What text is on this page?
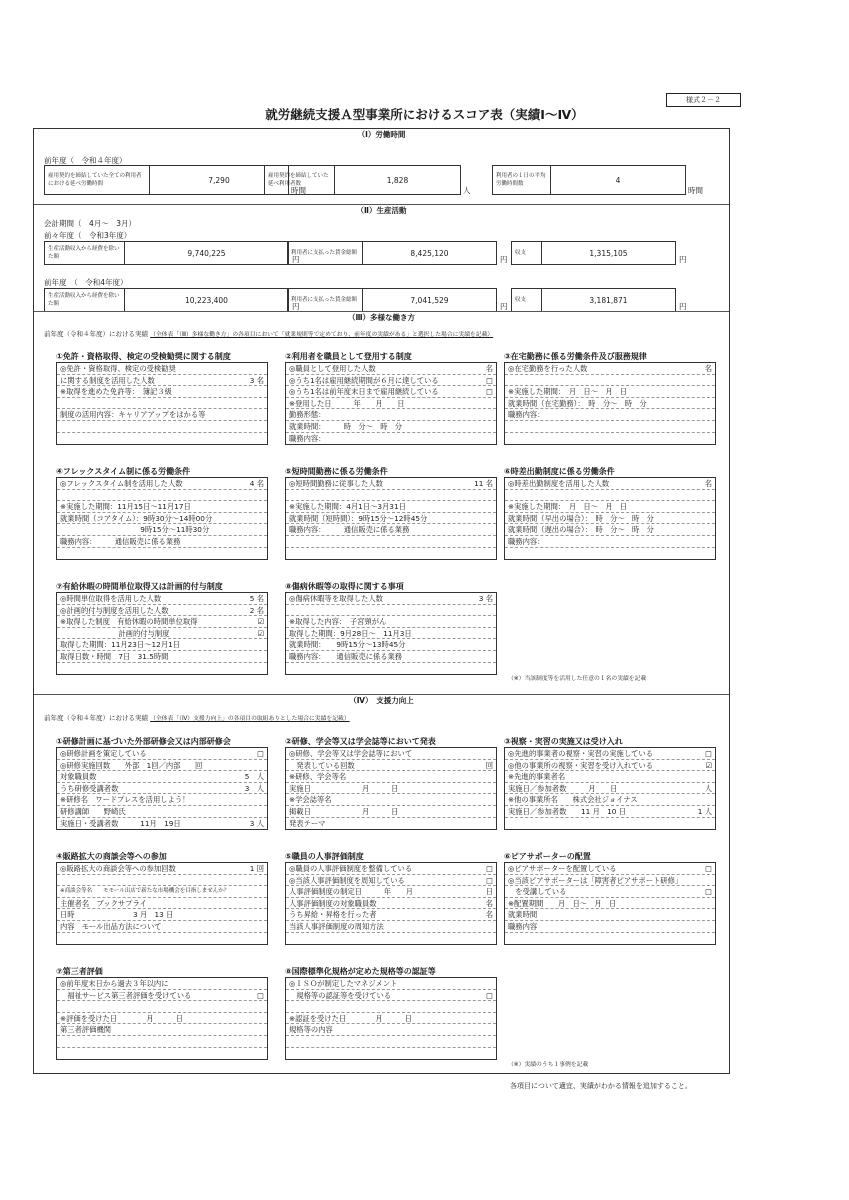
様式２－２
就労継続支援Ａ型事業所におけるスコア表（実績Ⅰ～Ⅳ）
（Ⅰ）労働時間
前年度（　令和４年度）
雇用契約を締結していた全ての利用者における延べ労働時間	7,290
時間
雇用契約を締結していた延べ利用者数	1,828
人
利用者の１日の平均労働時間数	4
時間
（Ⅱ）生産活動
会計期間（　4月～　3月）
前々年度（　令和3年度）
生産活動収入から経費を除いた額	9,740,225
円
利用者に支払った賃金総額	8,425,120
円
収支	1,315,105
円
前年度　（　令和4年度）
生産活動収入から経費を除いた額	10,223,400
円
利用者に支払った賃金総額	7,041,529
円
収支	3,181,871
円
（Ⅲ）多様な働き方
前年度（令和４年度）における実績 （全体表「（Ⅲ）多様な働き方」の各項目において「就業規則等で定めており、前年度の実績がある」と選択した場合に実績を記載）
①免許・資格取得、検定の受検勧奨に関する制度
◎免許・資格取得、検定の受検勧奨
に関する制度を活用した人数	3 名
※取得を進めた免許等：　簿記３級
制度の活用内容：キャリアアップをはかる等
②利用者を職員として登用する制度
◎職員として登用した人数	名
◎うち1名は雇用継続期間が６月に達している	□
◎うち1名は前年度末日まで雇用継続している	□
※登用した日　　　年　　月　　日
勤務形態：
就業時間：　　　時　分～　時　分
職務内容：
③在宅勤務に係る労働条件及び服務規律
◎在宅勤務を行った人数	名
※実施した期間：　月　日～　月　日
就業時間（在宅勤務）：　時　分～　時　分
職務内容：
④フレックスタイム制に係る労働条件
◎フレックスタイム制を活用した人数	4 名
※実施した期間：11月15日～11月17日
就業時間（コアタイム）：9時30分～14時00分
　　　　　　　　　　　9時15分～11時30分
職務内容：　　　通信販売に係る業務
⑤短時間勤務に係る労働条件
◎短時間勤務に従事した人数	11 名
※実施した期間：4月1日～3月31日
就業時間（短時間）：9時15分～12時45分
職務内容：　　　通信販売に係る業務
⑥時差出勤制度に係る労働条件
◎時差出勤制度を活用した人数	名
※実施した期間：　月　日～　月　日
就業時間（早出の場合）：　時　分～　時　分
就業時間（遅出の場合）：　時　分～　時　分
職務内容：
⑦有給休暇の時間単位取得又は計画的付与制度
◎時間単位取得を活用した人数	5 名
◎計画的付与制度を活用した人数	2 名
※取得した制度　有給休暇の時間単位取得	☑
　　　　　　　　計画的付与制度	☑
取得した期間：11月23日～12月1日
取得日数・時間　7日　31.5時間
⑧傷病休暇等の取得に関する事項
◎傷病休暇等を取得した人数	3 名
※取得した内容：　子宮頸がん
取得した期間：9月28日～　11月3日
就業時間：　　9時15分～13時45分
職務内容：　　通信販売に係る業務
（※）当該制度等を活用した任意の１名の実績を記載
（Ⅳ）　支援力向上
前年度（令和４年度）における実績 （全体表「（Ⅳ）支援力向上」の各項目の取組ありとした場合に実績を記載）
①研修計画に基づいた外部研修会又は内部研修会
◎研修計画を策定している	□
◎研修実施回数　　外部　1回／内部　　回
対象職員数	5　人
うち研修受講者数	3　人
※研修名　ワードプレスを活用しよう！
研修講師　　野崎氏
実施日・受講者数　　　11月　19日	3 人
②研修、学会等又は学会誌等において発表
◎研修、学会等又は学会誌等において
　発表している回数	回
※研修、学会等名
実施日　　　　　　　月　　　日
※学会誌等名
掲載日　　　　　　　月　　　日
発表テーマ
③視察・実習の実施又は受け入れ
◎先進的事業者の視察・実習の実施している	□
◎他の事業所の視察・実習を受け入れている	☑
※先進的事業者名
実施日／参加者数　　　月　　日	人
※他の事業所名　　株式会社ジョイナス
実施日／参加者数　　11 月　10 日	1 人
④販路拡大の商談会等への参加
◎販路拡大の商談会等への参加回数	1 回
※商談会等名　　モモール出店で新たな市場機会を目指しませんか？
主催者名　ブックサプライ
日時　　　　　　　　3 月　13 日
内容　モール出品方法について
⑤職員の人事評価制度
◎職員の人事評価制度を整備している	□
◎当該人事評価制度を周知している	□
人事評価制度の制定日　　　年　　月	日
人事評価制度の対象職員数	名
うち昇給・昇格を行った者	名
当該人事評価制度の周知方法
⑥ピアサポーターの配置
◎ピアサポーターを配置している	□
◎当該ピアサポーターは「障害者ピアサポート研修」
　を受講している	□
※配置期間　　月　日～　月　日
就業時間
職務内容
⑦第三者評価
◎前年度末日から過去３年以内に
　福祉サービス第三者評価を受けている	□
※評価を受けた日　　　　月　　　日
第三者評価機関
⑧国際標準化規格が定めた規格等の認証等
◎ＩＳＯが制定したマネジメント
　規格等の認証等を受けている	□
※認証を受けた日　　　　月　　　日
規格等の内容
（※）実績のうち１事例を記載
各項目について適宜、実績がわかる情報を追加すること。
